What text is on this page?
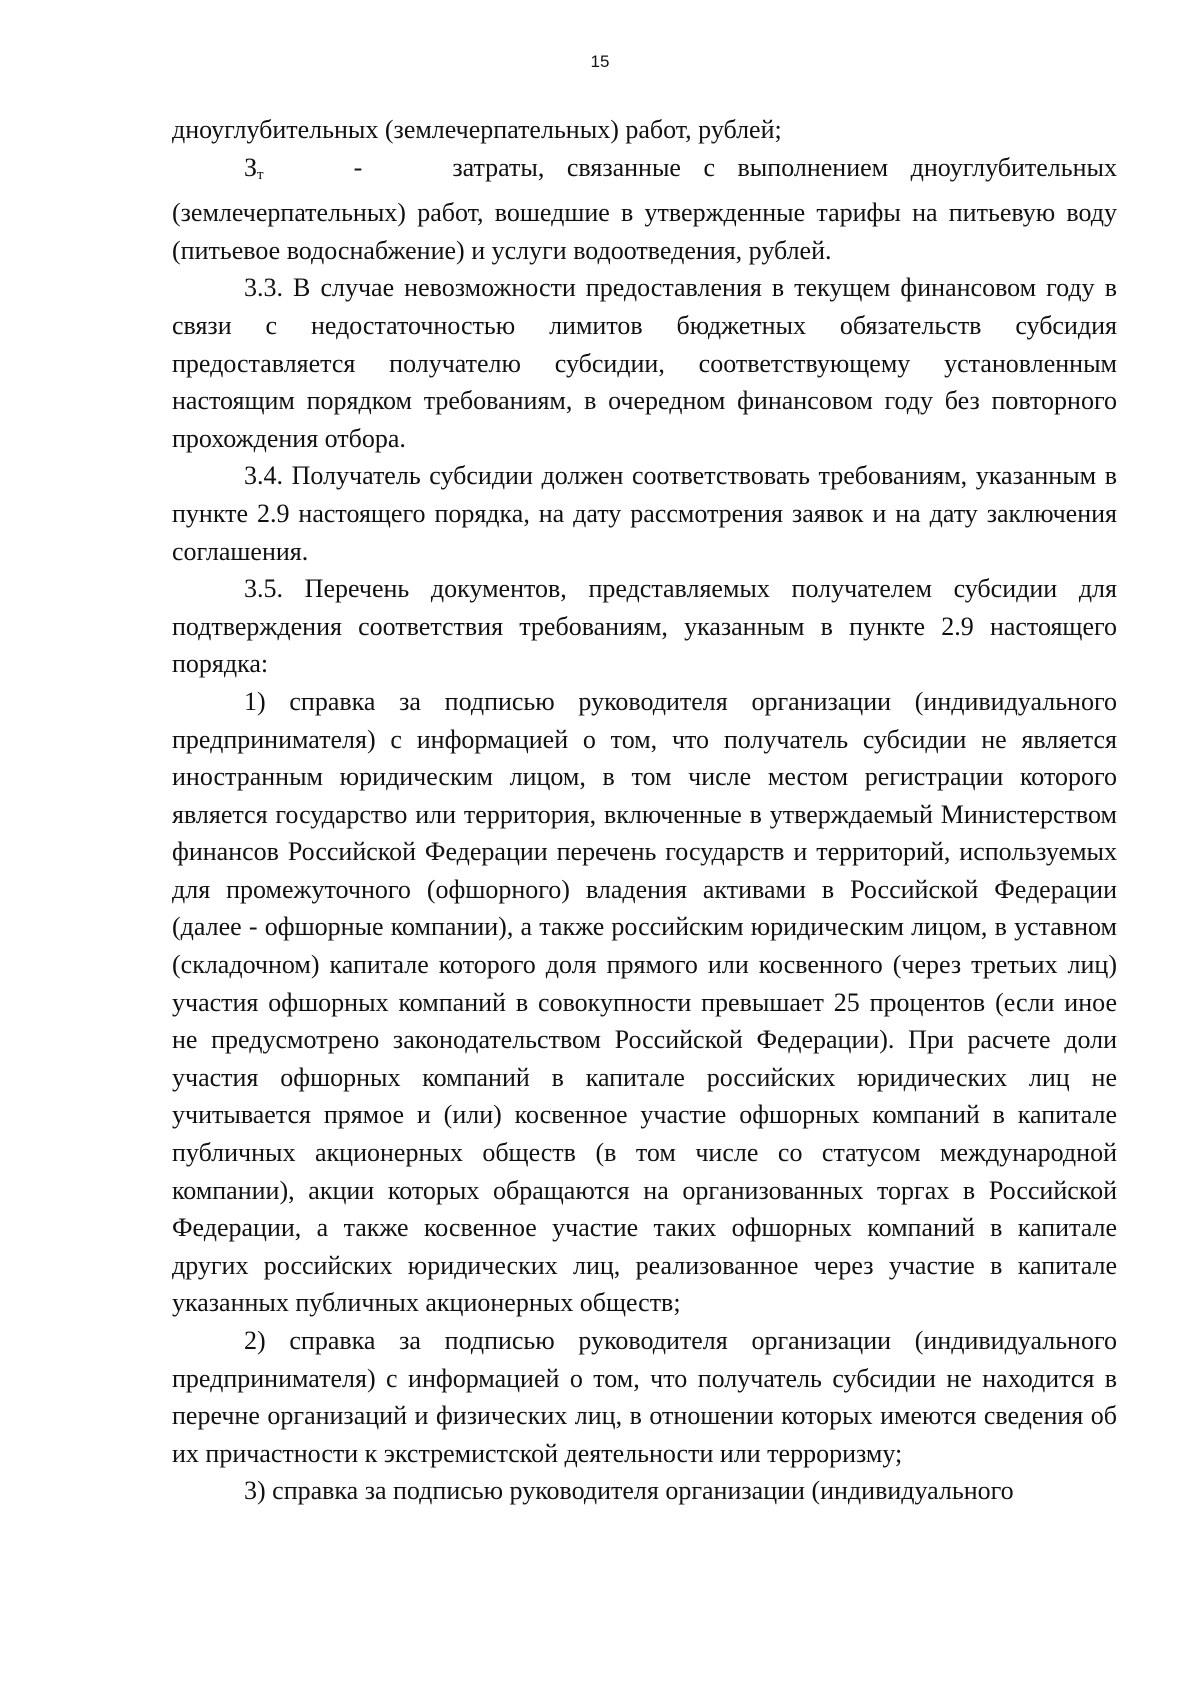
15

дноуглубительных (землечерпательных) работ, рублей;

Зт	-	затраты, связанные с выполнением дноуглубительных (землечерпательных) работ, вошедшие в утвержденные тарифы на питьевую воду (питьевое водоснабжение) и услуги водоотведения, рублей.

3.3. В случае невозможности предоставления в текущем финансовом году в связи с недостаточностью лимитов бюджетных обязательств субсидия предоставляется получателю субсидии, соответствующему установленным настоящим порядком требованиям, в очередном финансовом году без повторного прохождения отбора.

3.4. Получатель субсидии должен соответствовать требованиям, указанным в пункте 2.9 настоящего порядка, на дату рассмотрения заявок и на дату заключения соглашения.

3.5. Перечень документов, представляемых получателем субсидии для подтверждения соответствия требованиям, указанным в пункте 2.9 настоящего порядка:

1) справка за подписью руководителя организации (индивидуального предпринимателя) с информацией о том, что получатель субсидии не является иностранным юридическим лицом, в том числе местом регистрации которого является государство или территория, включенные в утверждаемый Министерством финансов Российской Федерации перечень государств и территорий, используемых для промежуточного (офшорного) владения активами в Российской Федерации (далее - офшорные компании), а также российским юридическим лицом, в уставном (складочном) капитале которого доля прямого или косвенного (через третьих лиц) участия офшорных компаний в совокупности превышает 25 процентов (если иное не предусмотрено законодательством Российской Федерации). При расчете доли участия офшорных компаний в капитале российских юридических лиц не учитывается прямое и (или) косвенное участие офшорных компаний в капитале публичных акционерных обществ (в том числе со статусом международной компании), акции которых обращаются на организованных торгах в Российской Федерации, а также косвенное участие таких офшорных компаний в капитале других российских юридических лиц, реализованное через участие в капитале указанных публичных акционерных обществ;

2) справка за подписью руководителя организации (индивидуального предпринимателя) с информацией о том, что получатель субсидии не находится в перечне организаций и физических лиц, в отношении которых имеются сведения об их причастности к экстремистской деятельности или терроризму;

3) справка за подписью руководителя организации (индивидуального
